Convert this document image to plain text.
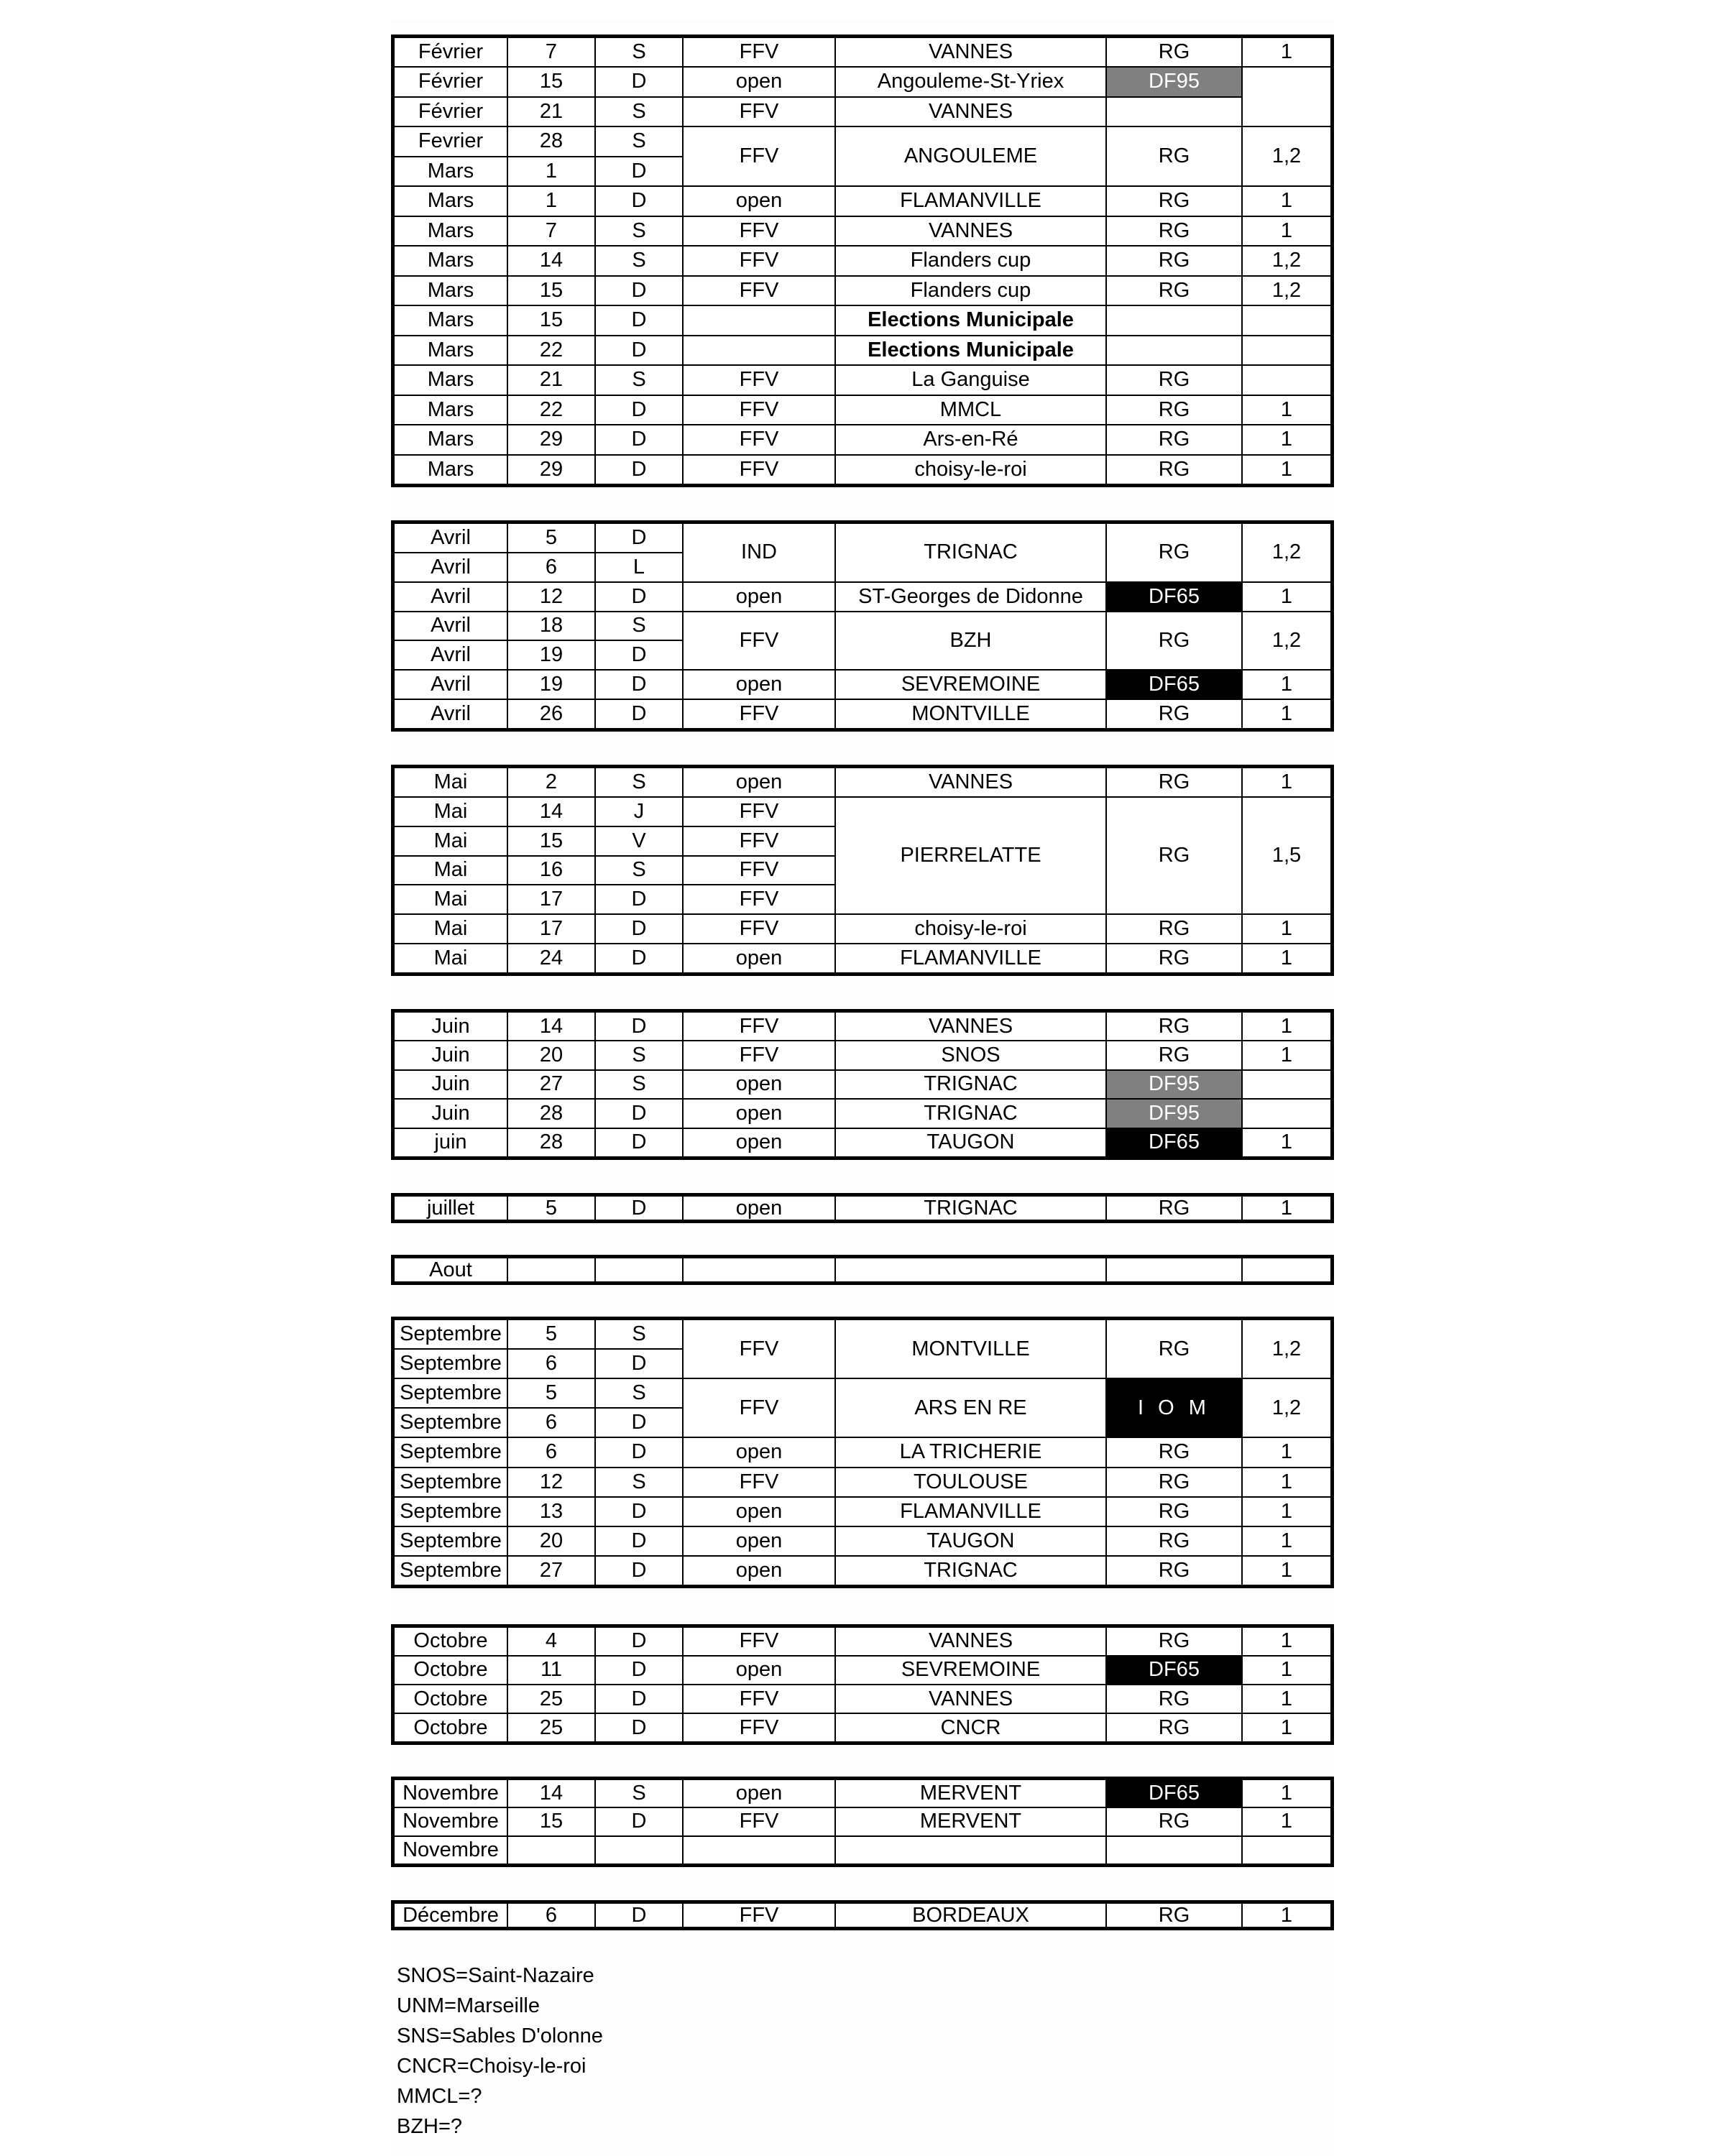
Février	7	S	FFV	VANNES	RG	1
Février	15	D	open	Angouleme-St-Yriex	DF95	
Février	21	S	FFV	VANNES		
Fevrier	28	S	FFV	ANGOULEME	RG	1,2
Mars	1	D				
Mars	1	D	open	FLAMANVILLE	RG	1
Mars	7	S	FFV	VANNES	RG	1
Mars	14	S	FFV	Flanders cup	RG	1,2
Mars	15	D	FFV	Flanders cup	RG	1,2
Mars	15	D		Elections Municipale		
Mars	22	D		Elections Municipale		
Mars	21	S	FFV	La Ganguise	RG	
Mars	22	D	FFV	MMCL	RG	1
Mars	29	D	FFV	Ars-en-Ré	RG	1
Mars	29	D	FFV	choisy-le-roi	RG	1
Avril	5	D	IND	TRIGNAC	RG	1,2
Avril	6	L				
Avril	12	D	open	ST-Georges de Didonne	DF65	1
Avril	18	S	FFV	BZH	RG	1,2
Avril	19	D				
Avril	19	D	open	SEVREMOINE	DF65	1
Avril	26	D	FFV	MONTVILLE	RG	1
Mai	2	S	open	VANNES	RG	1
Mai	14	J	FFV	PIERRELATTE	RG	1,5
Mai	15	V	FFV			
Mai	16	S	FFV			
Mai	17	D	FFV			
Mai	17	D	FFV	choisy-le-roi	RG	1
Mai	24	D	open	FLAMANVILLE	RG	1
Juin	14	D	FFV	VANNES	RG	1
Juin	20	S	FFV	SNOS	RG	1
Juin	27	S	open	TRIGNAC	DF95	
Juin	28	D	open	TRIGNAC	DF95	
juin	28	D	open	TAUGON	DF65	1
juillet	5	D	open	TRIGNAC	RG	1
Aout						
Septembre	5	S	FFV	MONTVILLE	RG	1,2
Septembre	6	D				
Septembre	5	S	FFV	ARS EN RE	I O M	1,2
Septembre	6	D				
Septembre	6	D	open	LA TRICHERIE	RG	1
Septembre	12	S	FFV	TOULOUSE	RG	1
Septembre	13	D	open	FLAMANVILLE	RG	1
Septembre	20	D	open	TAUGON	RG	1
Septembre	27	D	open	TRIGNAC	RG	1
Octobre	4	D	FFV	VANNES	RG	1
Octobre	11	D	open	SEVREMOINE	DF65	1
Octobre	25	D	FFV	VANNES	RG	1
Octobre	25	D	FFV	CNCR	RG	1
Novembre	14	S	open	MERVENT	DF65	1
Novembre	15	D	FFV	MERVENT	RG	1
Novembre						
Décembre	6	D	FFV	BORDEAUX	RG	1
SNOS=Saint-Nazaire
UNM=Marseille
SNS=Sables D'olonne
CNCR=Choisy-le-roi
MMCL=?
BZH=?
